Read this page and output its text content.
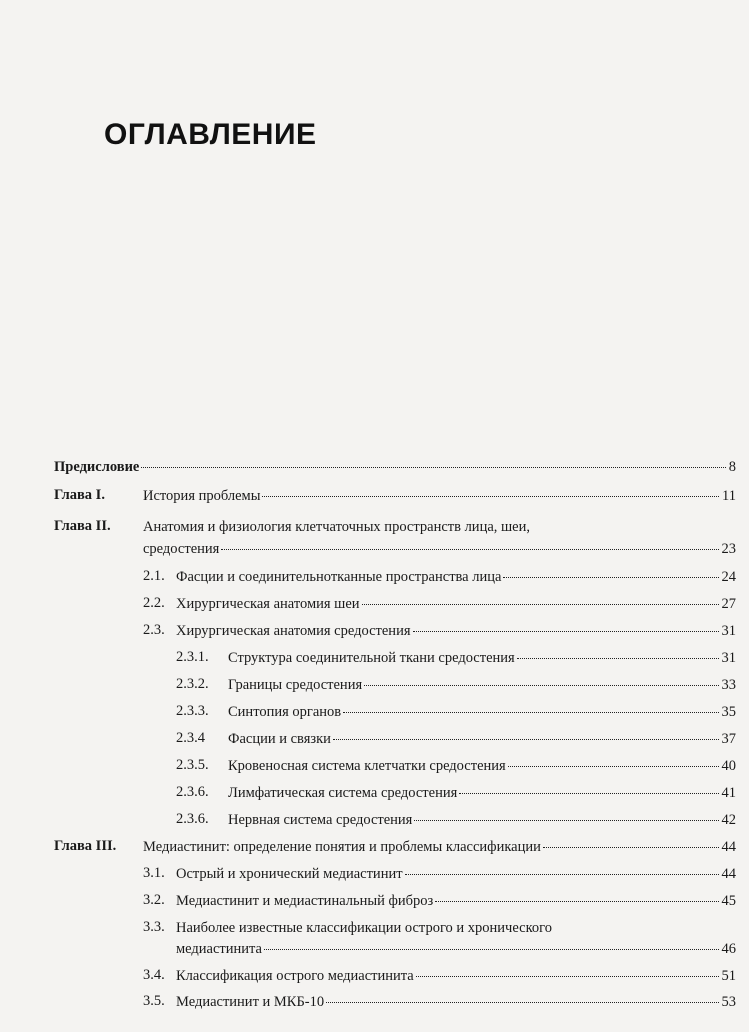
ОГЛАВЛЕНИЕ
Предисловие	8
Глава I.	История проблемы	11
Глава II. Анатомия и физиология клетчаточных пространств лица, шеи,
средостения	23
2.1. Фасции и соединительнотканные пространства лица	24
2.2. Хирургическая анатомия шеи	27
2.3. Хирургическая анатомия средостения	31
2.3.1. Структура соединительной ткани средостения	31
2.3.2. Границы средостения	33
2.3.3. Синтопия органов	35
2.3.4 Фасции и связки	37
2.3.5. Кровеносная система клетчатки средостения	40
2.3.6. Лимфатическая система средостения	41
2.3.6. Нервная система средостения	42
Глава III. Медиастинит: определение понятия и проблемы классификации	44
3.1. Острый и хронический медиастинит	44
3.2. Медиастинит и медиастинальный фиброз	45
3.3. Наиболее известные классификации острого и хронического
медиастинита	46
3.4. Классификация острого медиастинита	51
3.5. Медиастинит и МКБ-10	53
